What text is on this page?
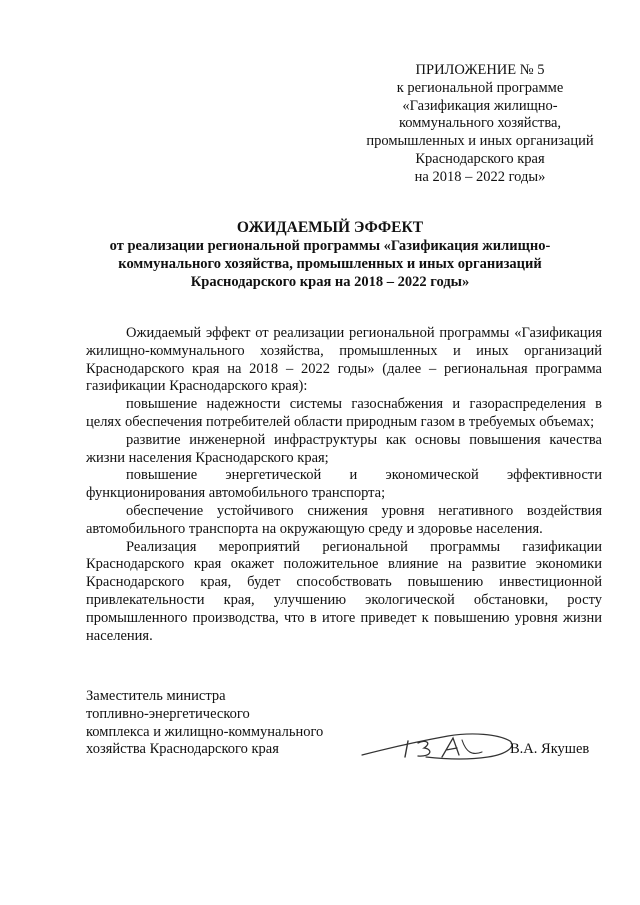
ПРИЛОЖЕНИЕ № 5
к региональной программе
«Газификация жилищно-
коммунального хозяйства,
промышленных и иных организаций
Краснодарского края
на 2018 – 2022 годы»
ОЖИДАЕМЫЙ ЭФФЕКТ
от реализации региональной программы «Газификация жилищно-
коммунального хозяйства, промышленных и иных организаций
Краснодарского края на 2018 – 2022 годы»

Ожидаемый эффект от реализации региональной программы «Газификация жилищно-коммунального хозяйства, промышленных и иных организаций Краснодарского края на 2018 – 2022 годы» (далее – региональная программа газификации Краснодарского края):

повышение надежности системы газоснабжения и газораспределения в целях обеспечения потребителей области природным газом в требуемых объемах;

развитие инженерной инфраструктуры как основы повышения качества жизни населения Краснодарского края;

повышение энергетической и экономической эффективности функционирования автомобильного транспорта;

обеспечение устойчивого снижения уровня негативного воздействия автомобильного транспорта на окружающую среду и здоровье населения.

Реализация мероприятий региональной программы газификации Краснодарского края окажет положительное влияние на развитие экономики Краснодарского края, будет способствовать повышению инвестиционной привлекательности края, улучшению экологической обстановки, росту промышленного производства, что в итоге приведет к повышению уровня жизни населения.

Заместитель министра
топливно-энергетического
комплекса и жилищно-коммунального
хозяйства Краснодарского края	В.А. Якушев
